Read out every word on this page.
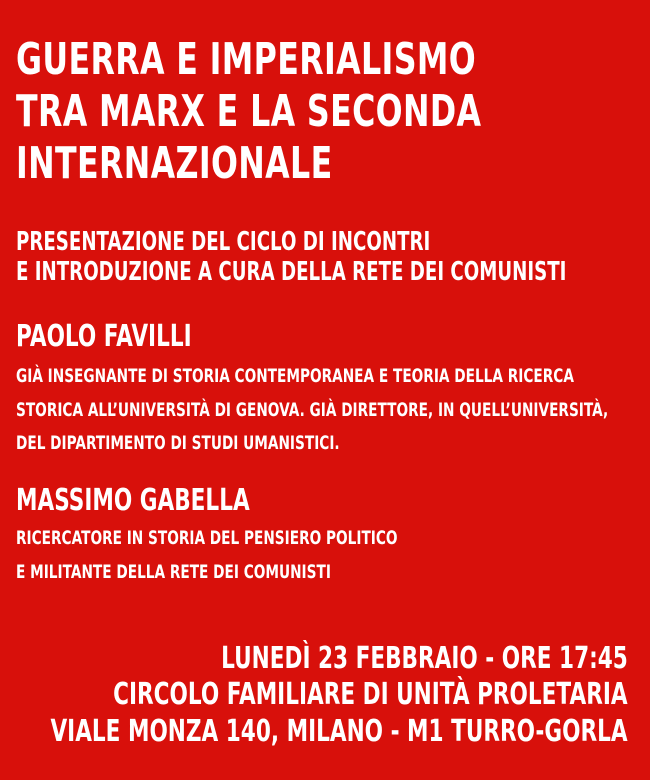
GUERRA E IMPERIALISMO
TRA MARX E LA SECONDA
INTERNAZIONALE
PRESENTAZIONE DEL CICLO DI INCONTRI
E INTRODUZIONE A CURA DELLA RETE DEI COMUNISTI
PAOLO FAVILLI
GIÀ INSEGNANTE DI STORIA CONTEMPORANEA E TEORIA DELLA RICERCA
STORICA ALL’UNIVERSITÀ DI GENOVA. GIÀ DIRETTORE, IN QUELL’UNIVERSITÀ,
DEL DIPARTIMENTO DI STUDI UMANISTICI.
MASSIMO GABELLA
RICERCATORE IN STORIA DEL PENSIERO POLITICO
E MILITANTE DELLA RETE DEI COMUNISTI
LUNEDÌ 23 FEBBRAIO - ORE 17:45
CIRCOLO FAMILIARE DI UNITÀ PROLETARIA
VIALE MONZA 140, MILANO - M1 TURRO-GORLA
